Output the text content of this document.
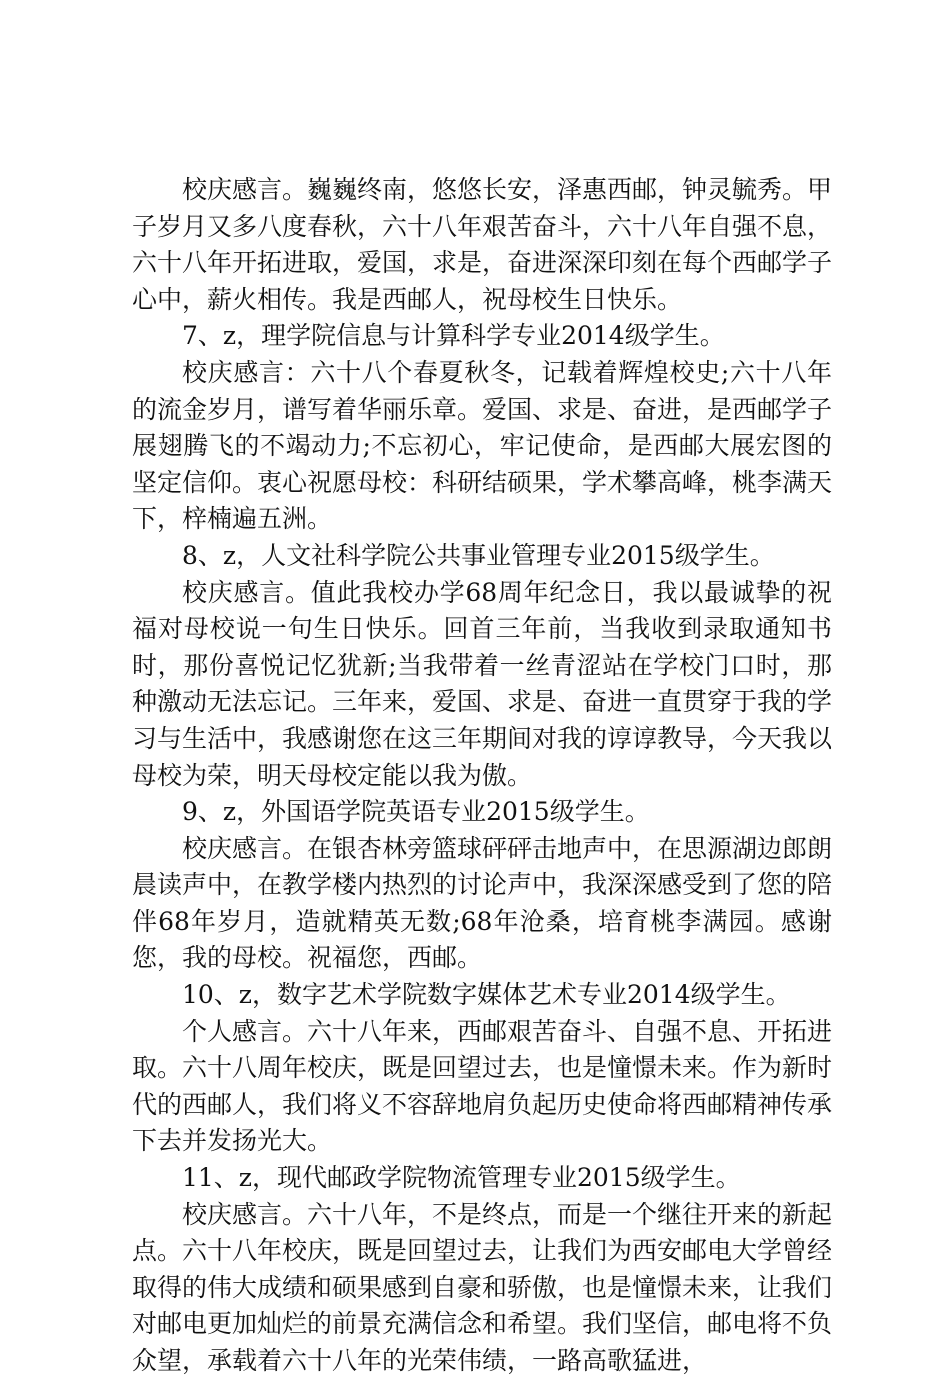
校庆感言。巍巍终南，悠悠长安，泽惠西邮，钟灵毓秀。甲子岁月又多八度春秋，六十八年艰苦奋斗，六十八年自强不息，六十八年开拓进取，爱国，求是，奋进深深印刻在每个西邮学子心中，薪火相传。我是西邮人，祝母校生日快乐。

7、z，理学院信息与计算科学专业2014级学生。

校庆感言：六十八个春夏秋冬，记载着辉煌校史;六十八年的流金岁月，谱写着华丽乐章。爱国、求是、奋进，是西邮学子展翅腾飞的不竭动力;不忘初心，牢记使命，是西邮大展宏图的坚定信仰。衷心祝愿母校：科研结硕果，学术攀高峰，桃李满天下，梓楠遍五洲。

8、z，人文社科学院公共事业管理专业2015级学生。

校庆感言。值此我校办学68周年纪念日，我以最诚挚的祝福对母校说一句生日快乐。回首三年前，当我收到录取通知书时，那份喜悦记忆犹新;当我带着一丝青涩站在学校门口时，那种激动无法忘记。三年来，爱国、求是、奋进一直贯穿于我的学习与生活中，我感谢您在这三年期间对我的谆谆教导，今天我以母校为荣，明天母校定能以我为傲。

9、z，外国语学院英语专业2015级学生。

校庆感言。在银杏林旁篮球砰砰击地声中，在思源湖边郎朗晨读声中，在教学楼内热烈的讨论声中，我深深感受到了您的陪伴68年岁月，造就精英无数;68年沧桑，培育桃李满园。感谢您，我的母校。祝福您，西邮。

10、z，数字艺术学院数字媒体艺术专业2014级学生。

个人感言。六十八年来，西邮艰苦奋斗、自强不息、开拓进取。六十八周年校庆，既是回望过去，也是憧憬未来。作为新时代的西邮人，我们将义不容辞地肩负起历史使命将西邮精神传承下去并发扬光大。

11、z，现代邮政学院物流管理专业2015级学生。

校庆感言。六十八年，不是终点，而是一个继往开来的新起点。六十八年校庆，既是回望过去，让我们为西安邮电大学曾经取得的伟大成绩和硕果感到自豪和骄傲，也是憧憬未来，让我们对邮电更加灿烂的前景充满信念和希望。我们坚信，邮电将不负众望，承载着六十八年的光荣伟绩，一路高歌猛进，
